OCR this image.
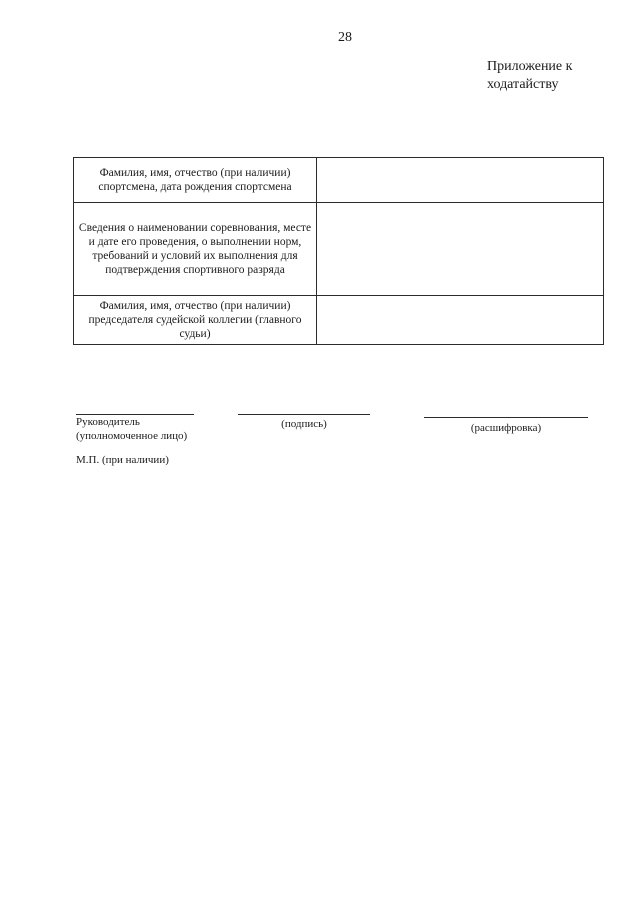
28
Приложение к
ходатайству
Фамилия, имя, отчество (при наличии) спортсмена, дата рождения спортсмена	
Сведения о наименовании соревнования, месте и дате его проведения, о выполнении норм, требований и условий их выполнения для подтверждения спортивного разряда	
Фамилия, имя, отчество (при наличии) председателя судейской коллегии (главного судьи)	
Руководитель
(уполномоченное лицо)
(подпись)	(расшифровка)
М.П. (при наличии)
